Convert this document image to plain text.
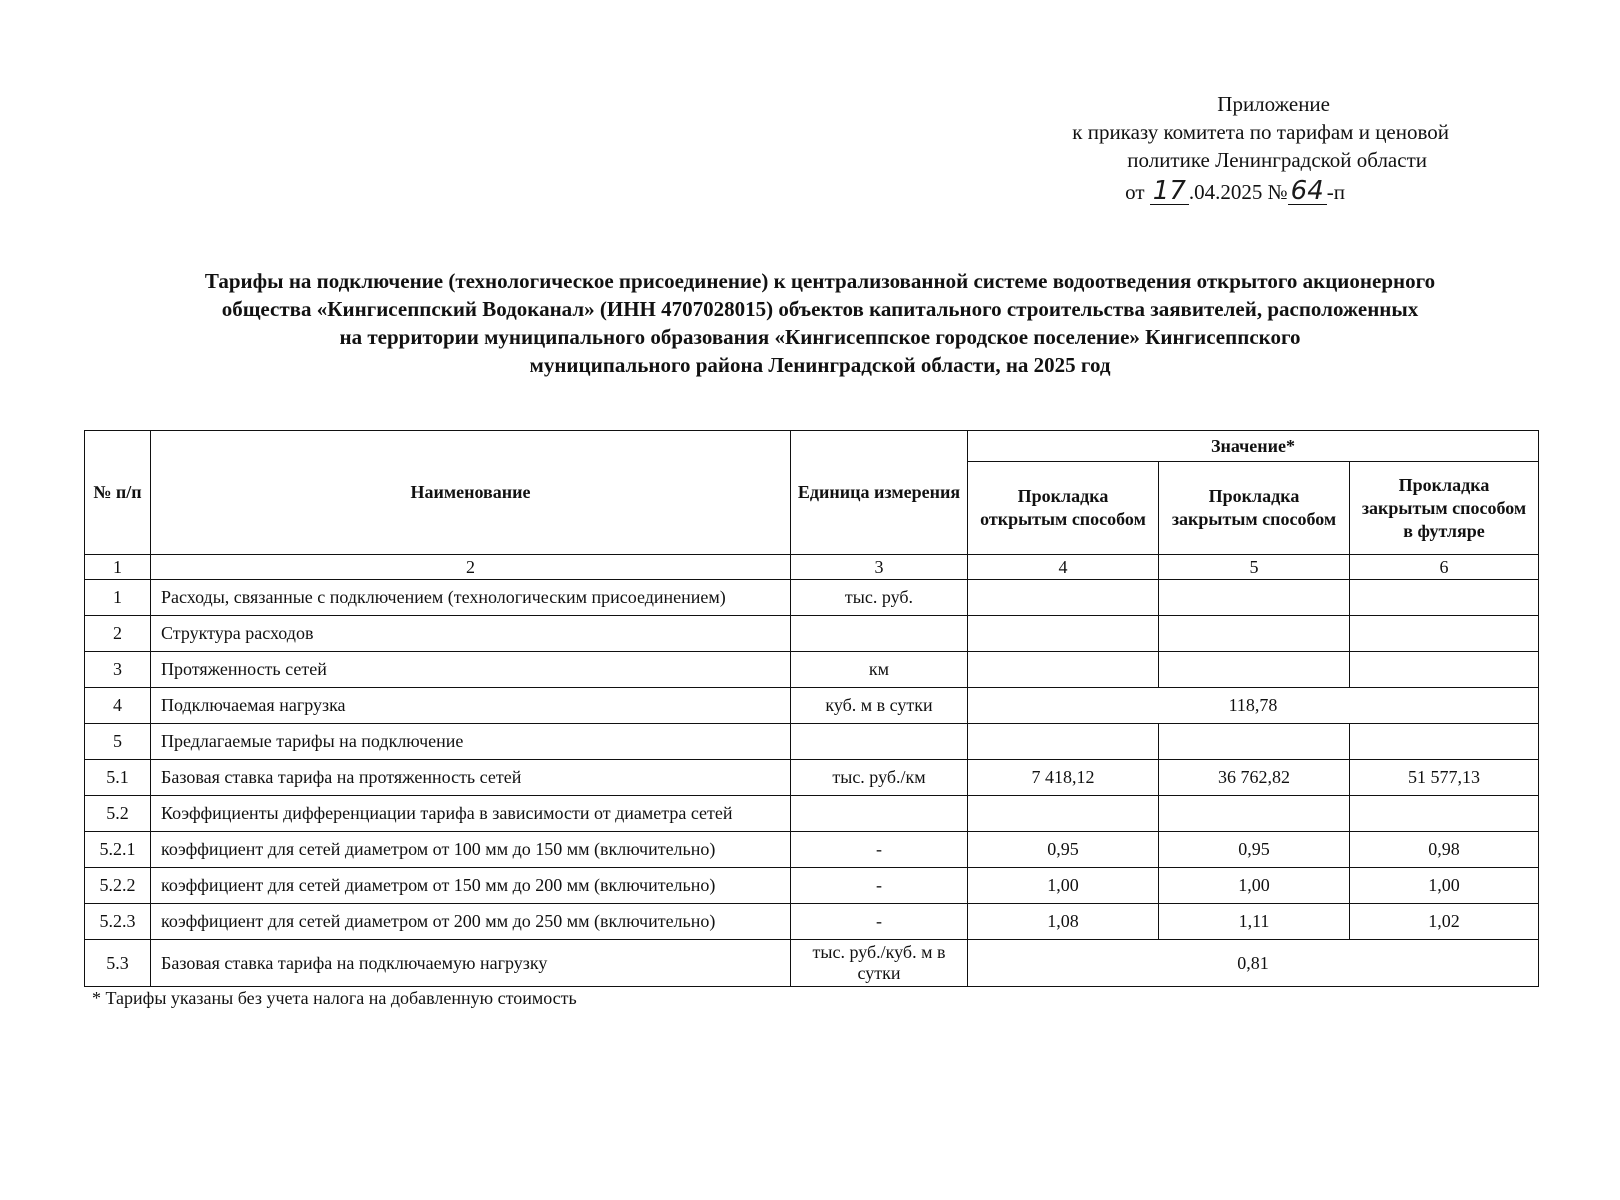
Приложение
к приказу комитета по тарифам и ценовой
политике Ленинградской области
от 17 .04.2025 № 64 -п
Тарифы на подключение (технологическое присоединение) к централизованной системе водоотведения открытого акционерного
общества «Кингисеппский Водоканал» (ИНН 4707028015) объектов капитального строительства заявителей, расположенных
на территории муниципального образования «Кингисеппское городское поселение» Кингисеппского
муниципального района Ленинградской области, на 2025 год
№ п/п	Наименование	Единица измерения	Значение*		
			Прокладка открытым способом	Прокладка закрытым способом	Прокладка закрытым способом в футляре
1	2	3	4	5	6
1	Расходы, связанные с подключением (технологическим присоединением)	тыс. руб.			
2	Структура расходов				
3	Протяженность сетей	км			
4	Подключаемая нагрузка	куб. м в сутки	118,78		
5	Предлагаемые тарифы на подключение				
5.1	Базовая ставка тарифа на протяженность сетей	тыс. руб./км	7 418,12	36 762,82	51 577,13
5.2	Коэффициенты дифференциации тарифа в зависимости от диаметра сетей				
5.2.1	коэффициент для сетей диаметром от 100 мм до 150 мм (включительно)	-	0,95	0,95	0,98
5.2.2	коэффициент для сетей диаметром от 150 мм до 200 мм (включительно)	-	1,00	1,00	1,00
5.2.3	коэффициент для сетей диаметром от 200 мм до 250 мм (включительно)	-	1,08	1,11	1,02
5.3	Базовая ставка тарифа на подключаемую нагрузку	тыс. руб./куб. м в сутки	0,81		
* Тарифы указаны без учета налога на добавленную стоимость
